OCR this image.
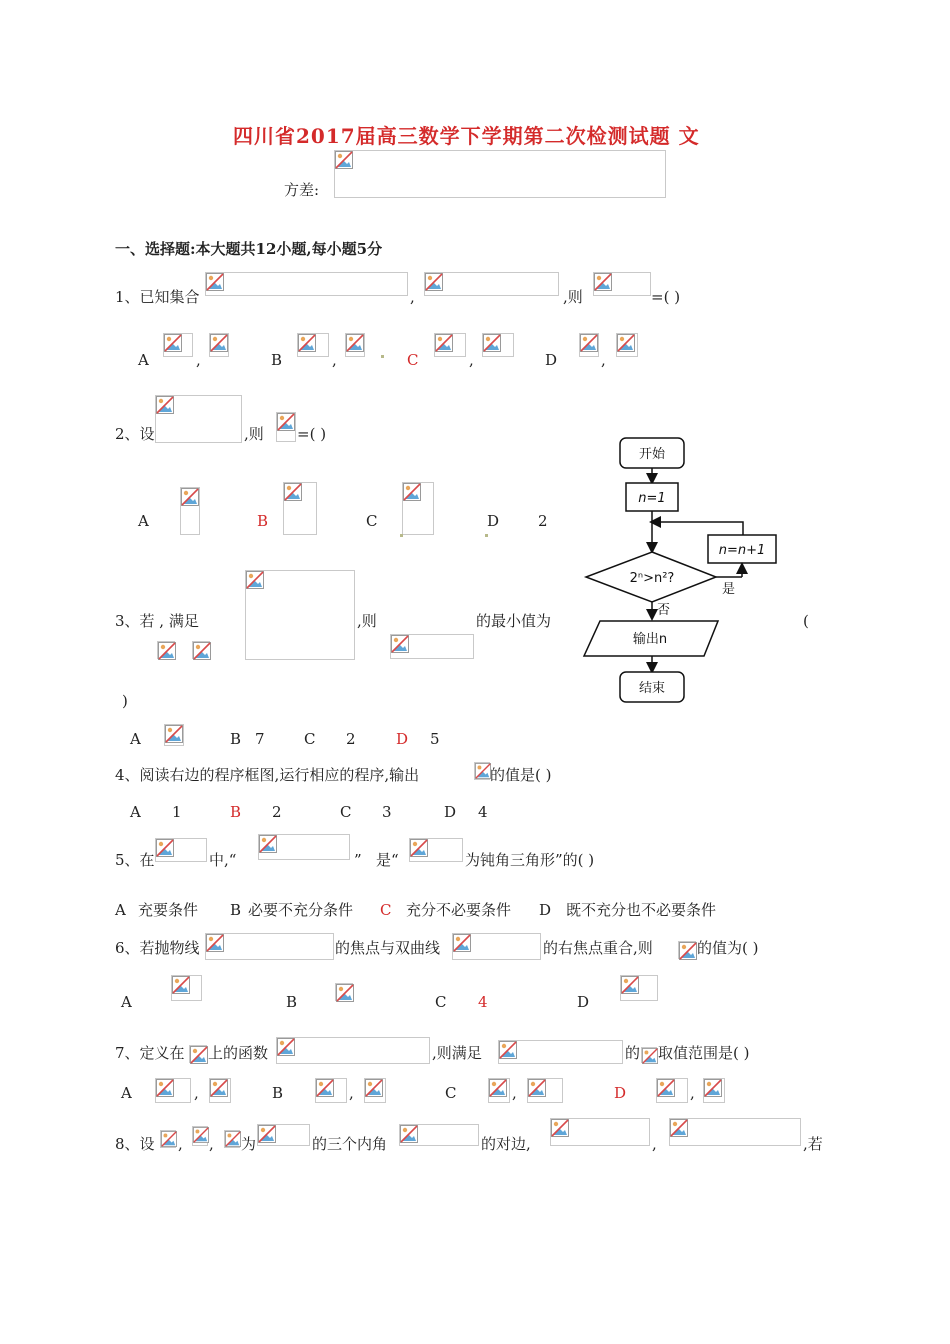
四川省2017届高三数学下学期第二次检测试题 文
方差:
一、选择题:本大题共12小题,每小题5分
1、已知集合	,	,则	=( )
A	,	B	,	C	,	D	,
2、设	,则 =( )
A	B	C	D	2
3、若 , 满足	,则	的最小值为	(
)
A	B 7	C 2	D 5
4、阅读右边的程序框图,运行相应的程序,输出	的值是( )
A 1	B 2	C 3	D 4
5、在	中,“	” 是“	为钝角三角形”的( )
A 充要条件 B 必要不充分条件 C 充分不必要条件 D 既不充分也不必要条件
6、若抛物线	的焦点与双曲线	的右焦点重合,则	的值为( )
A	B	C 4	D
7、定义在 上的函数	,则满足	的 取值范围是( )
A	,	B	,	C	,	D	,
8、设 , , 为	的三个内角	的对边,	,	,若
开始
n=1
n=n+1
2ⁿ>n²?
是
否
输出n
结束
